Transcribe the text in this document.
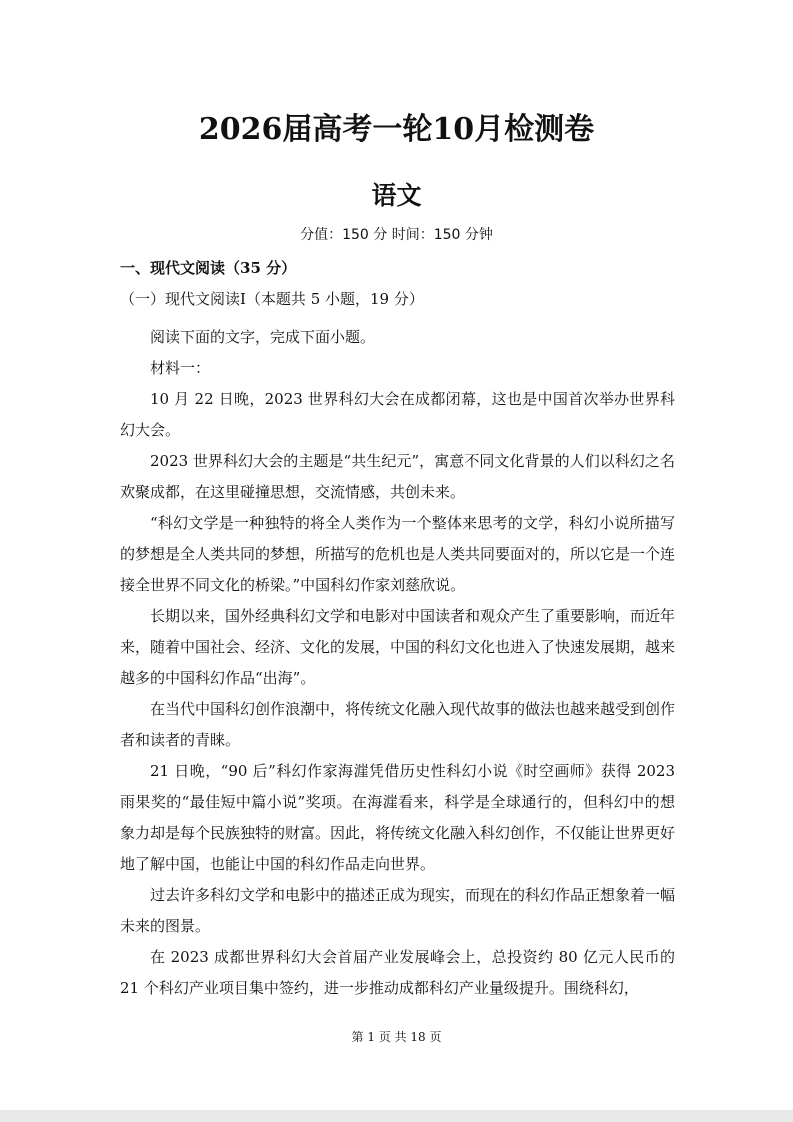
2026届高考一轮10月检测卷
语文

分值：150 分 时间：150 分钟

一、现代文阅读（35 分）

（一）现代文阅读Ⅰ（本题共 5 小题，19 分）

阅读下面的文字，完成下面小题。

材料一：

10 月 22 日晚，2023 世界科幻大会在成都闭幕，这也是中国首次举办世界科幻大会。

2023 世界科幻大会的主题是“共生纪元”，寓意不同文化背景的人们以科幻之名欢聚成都，在这里碰撞思想，交流情感，共创未来。

“科幻文学是一种独特的将全人类作为一个整体来思考的文学，科幻小说所描写的梦想是全人类共同的梦想，所描写的危机也是人类共同要面对的，所以它是一个连接全世界不同文化的桥梁。”中国科幻作家刘慈欣说。

长期以来，国外经典科幻文学和电影对中国读者和观众产生了重要影响，而近年来，随着中国社会、经济、文化的发展，中国的科幻文化也进入了快速发展期，越来越多的中国科幻作品“出海”。

在当代中国科幻创作浪潮中，将传统文化融入现代故事的做法也越来越受到创作者和读者的青睐。

21 日晚，“90 后”科幻作家海漄凭借历史性科幻小说《时空画师》获得 2023 雨果奖的“最佳短中篇小说”奖项。在海漄看来，科学是全球通行的，但科幻中的想象力却是每个民族独特的财富。因此，将传统文化融入科幻创作，不仅能让世界更好地了解中国，也能让中国的科幻作品走向世界。

过去许多科幻文学和电影中的描述正成为现实，而现在的科幻作品正想象着一幅未来的图景。

在 2023 成都世界科幻大会首届产业发展峰会上，总投资约 80 亿元人民币的 21 个科幻产业项目集中签约，进一步推动成都科幻产业量级提升。围绕科幻，

第 1 页 共 18 页
